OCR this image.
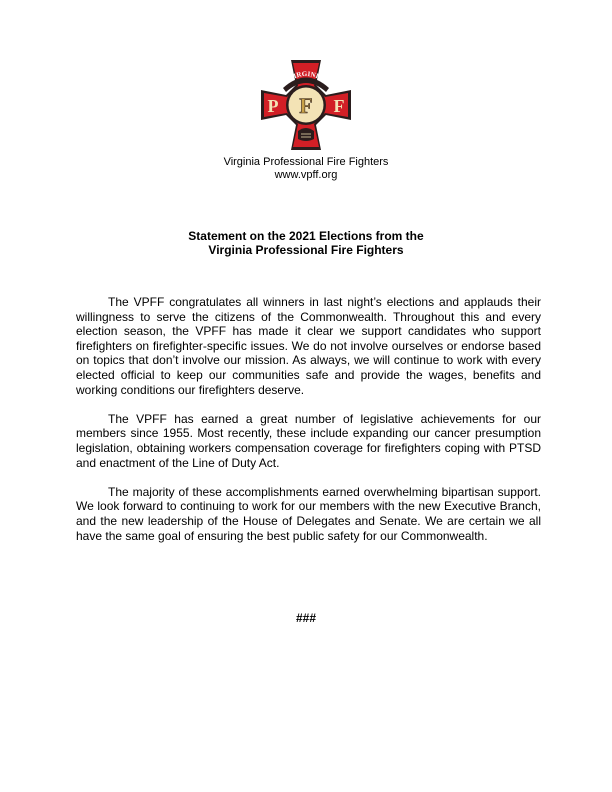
VIRGINIA
P F F
Virginia Professional Fire Fighters
www.vpff.org
Statement on the 2021 Elections from the
Virginia Professional Fire Fighters

The VPFF congratulates all winners in last night’s elections and applauds their willingness to serve the citizens of the Commonwealth. Throughout this and every election season, the VPFF has made it clear we support candidates who support firefighters on firefighter-specific issues. We do not involve ourselves or endorse based on topics that don’t involve our mission. As always, we will continue to work with every elected official to keep our communities safe and provide the wages, benefits and working conditions our firefighters deserve.

The VPFF has earned a great number of legislative achievements for our members since 1955. Most recently, these include expanding our cancer presumption legislation, obtaining workers compensation coverage for firefighters coping with PTSD and enactment of the Line of Duty Act.

The majority of these accomplishments earned overwhelming bipartisan support. We look forward to continuing to work for our members with the new Executive Branch, and the new leadership of the House of Delegates and Senate. We are certain we all have the same goal of ensuring the best public safety for our Commonwealth.

###
